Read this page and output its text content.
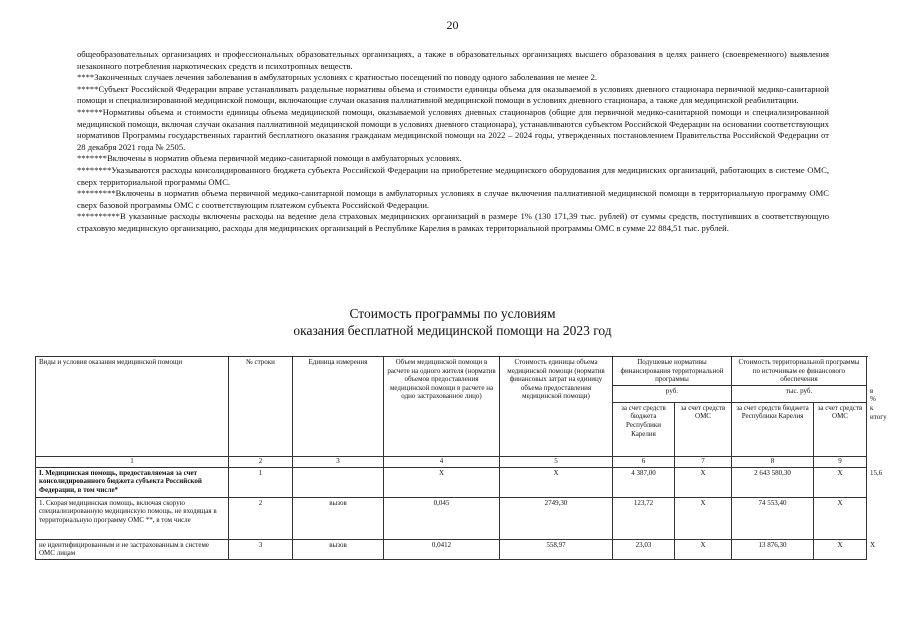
20

общеобразовательных организациях и профессиональных образовательных организациях, а также в образовательных организациях высшего образования в целях раннего (своевременного) выявления незаконного потребления наркотических средств и психотропных веществ.

****Законченных случаев лечения заболевания в амбулаторных условиях с кратностью посещений по поводу одного заболевания не менее 2.

*****Субъект Российской Федерации вправе устанавливать раздельные нормативы объема и стоимости единицы объема для оказываемой в условиях дневного стационара первичной медико-санитарной помощи и специализированной медицинской помощи, включающие случаи оказания паллиативной медицинской помощи в условиях дневного стационара, а также для медицинской реабилитации.

******Нормативы объема и стоимости единицы объема медицинской помощи, оказываемой условиях дневных стационаров (общие для первичной медико-санитарной помощи и специализированной медицинской помощи, включая случаи оказания паллиативной медицинской помощи в условиях дневного стационара), устанавливаются субъектом Российской Федерации на основании соответствующих нормативов Программы государственных гарантий бесплатного оказания гражданам медицинской помощи на 2022 – 2024 годы, утвержденных постановлением Правительства Российской Федерации от 28 декабря 2021 года № 2505.

*******Включены в норматив объема первичной медико-санитарной помощи в амбулаторных условиях.

********Указываются расходы консолидированного бюджета субъекта Российской Федерации на приобретение медицинского оборудования для медицинских организаций, работающих в системе ОМС, сверх территориальной программы ОМС.

*********Включены в норматив объема первичной медико-санитарной помощи в амбулаторных условиях в случае включения паллиативной медицинской помощи в территориальную программу ОМС сверх базовой программы ОМС с соответствующим платежом субъекта Российской Федерации.

**********В указанные расходы включены расходы на ведение дела страховых медицинских организаций в размере 1% (130 171,39 тыс. рублей) от суммы средств, поступивших в соответствующую страховую медицинскую организацию, расходы для медицинских организаций в Республике Карелия в рамках территориальной программы ОМС в сумме 22 884,51 тыс. рублей.

Стоимость программы по условиям
оказания бесплатной медицинской помощи на 2023 год
Виды и условия оказания медицинской помощи	№ строки	Единица измерения	Объем медицинской помощи в расчете на одного жителя (норматив объемов предоставления медицинской помощи в расчете на одно застрахованное лицо)	Стоимость единицы объема медицинской помощи (норматив финансовых затрат на единицу объема предоставления медицинской помощи)	Подушевые нормативы финансирования территориальной программы		Стоимость территориальной программы по источникам ее финансового обеспечения		
					руб.		тыс. руб.		в % к итогу
					за счет средств бюджета Республики Карелия	за счет средств ОМС	за счет средств бюджета Республики Карелия	за счет средств ОМС	
1	2	3	4	5	6	7	8	9	
I. Медицинская помощь, предоставляемая за счет консолидированного бюджета субъекта Российской Федерации, в том числе*	1		X	X	4 387,00	X	2 643 580,30	X	15,6
1. Скорая медицинская помощь, включая скорую специализированную медицинскую помощь, не входящая в территориальную программу ОМС **, в том числе	2	вызов	0,045	2749,30	123,72	X	74 553,40	X	
не идентифицированным и не застрахованным в системе ОМС лицам	3	вызов	0,0412	558,97	23,03	X	13 876,30	X	X
